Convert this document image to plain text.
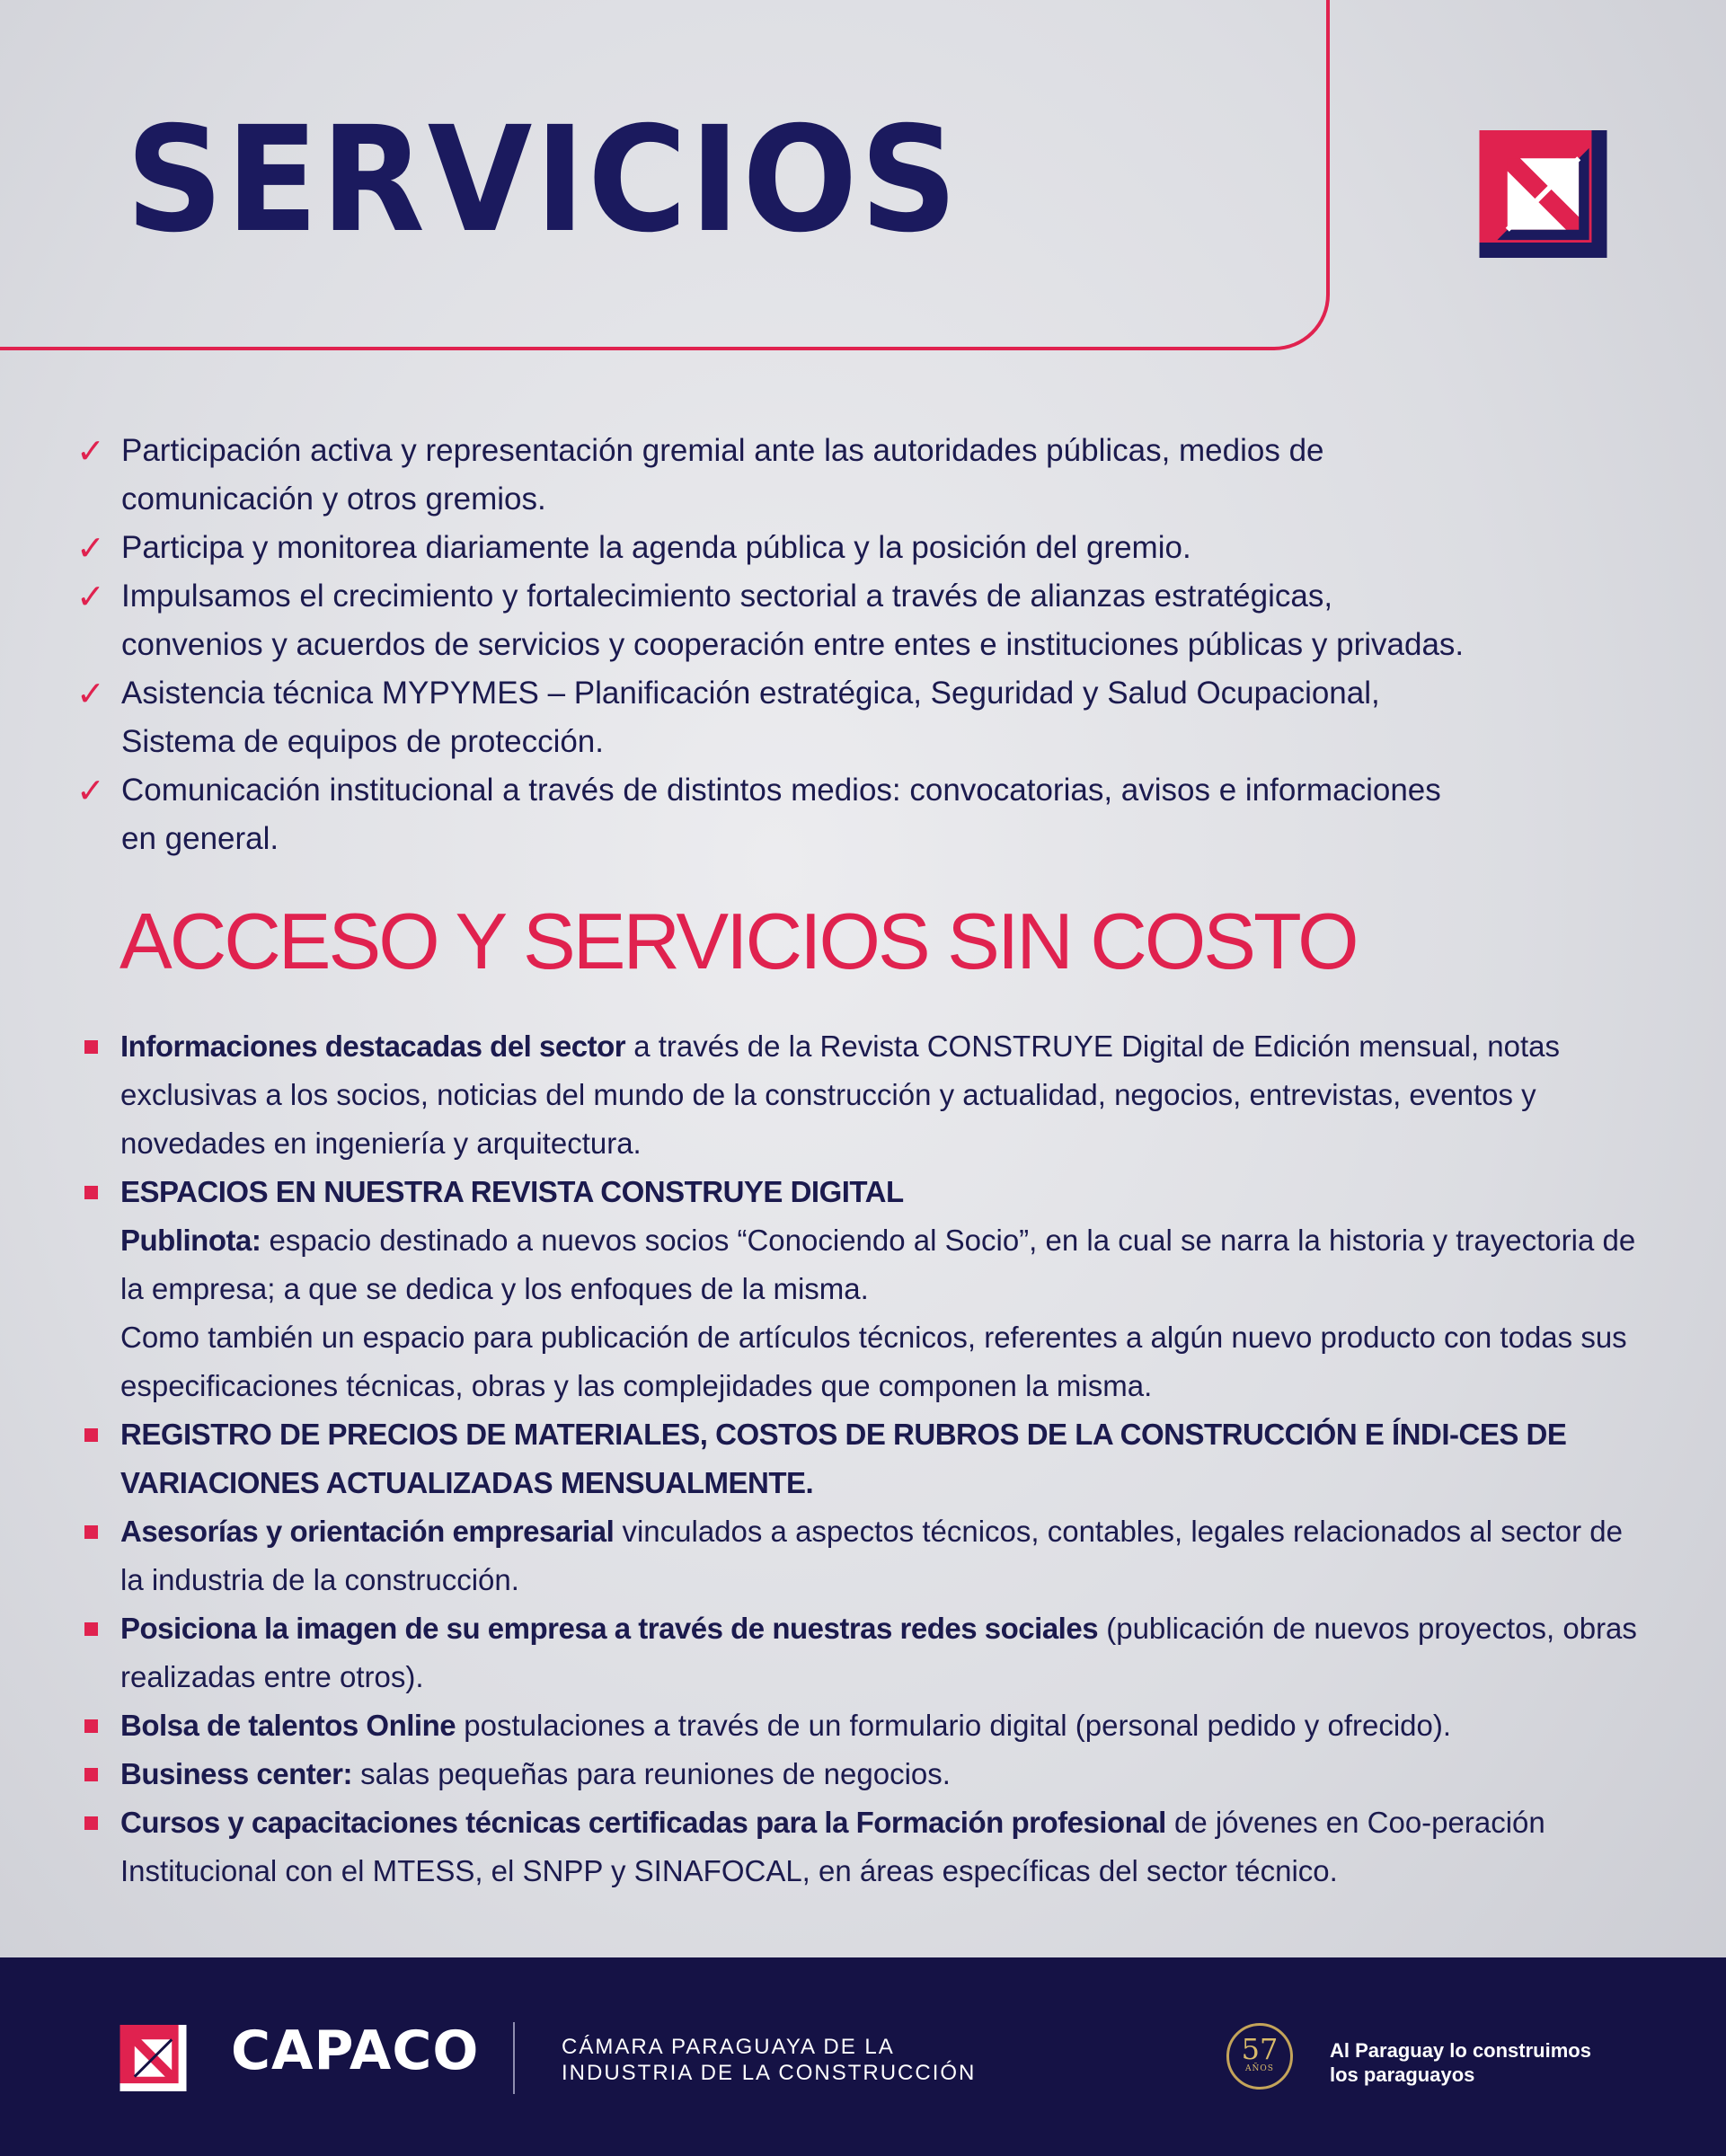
SERVICIOS
✓ Participación activa y representación gremial ante las autoridades públicas, medios de
comunicación y otros gremios.
✓ Participa y monitorea diariamente la agenda pública y la posición del gremio.
✓ Impulsamos el crecimiento y fortalecimiento sectorial a través de alianzas estratégicas,
convenios y acuerdos de servicios y cooperación entre entes e instituciones públicas y privadas.
✓ Asistencia técnica MYPYMES – Planificación estratégica, Seguridad y Salud Ocupacional,
Sistema de equipos de protección.
✓ Comunicación institucional a través de distintos medios: convocatorias, avisos e informaciones
en general.
ACCESO Y SERVICIOS SIN COSTO
Informaciones destacadas del sector a través de la Revista CONSTRUYE Digital de Edición mensual, notas exclusivas a los socios, noticias del mundo de la construcción y actualidad, negocios, entrevistas, eventos y novedades en ingeniería y arquitectura.
ESPACIOS EN NUESTRA REVISTA CONSTRUYE DIGITAL
Publinota: espacio destinado a nuevos socios “Conociendo al Socio”, en la cual se narra la historia y trayectoria de la empresa; a que se dedica y los enfoques de la misma.
Como también un espacio para publicación de artículos técnicos, referentes a algún nuevo producto con todas sus especificaciones técnicas, obras y las complejidades que componen la misma.
REGISTRO DE PRECIOS DE MATERIALES, COSTOS DE RUBROS DE LA CONSTRUCCIÓN E ÍNDI-CES DE VARIACIONES ACTUALIZADAS MENSUALMENTE.
Asesorías y orientación empresarial vinculados a aspectos técnicos, contables, legales relacionados al sector de la industria de la construcción.
Posiciona la imagen de su empresa a través de nuestras redes sociales (publicación de nuevos proyectos, obras realizadas entre otros).
Bolsa de talentos Online postulaciones a través de un formulario digital (personal pedido y ofrecido).
Business center: salas pequeñas para reuniones de negocios.
Cursos y capacitaciones técnicas certificadas para la Formación profesional de jóvenes en Coo-peración Institucional con el MTESS, el SNPP y SINAFOCAL, en áreas específicas del sector técnico.
CAPACO	CÁMARA PARAGUAYA DE LA
INDUSTRIA DE LA CONSTRUCCIÓN
57
AÑOS
Al Paraguay lo construimos
los paraguayos
